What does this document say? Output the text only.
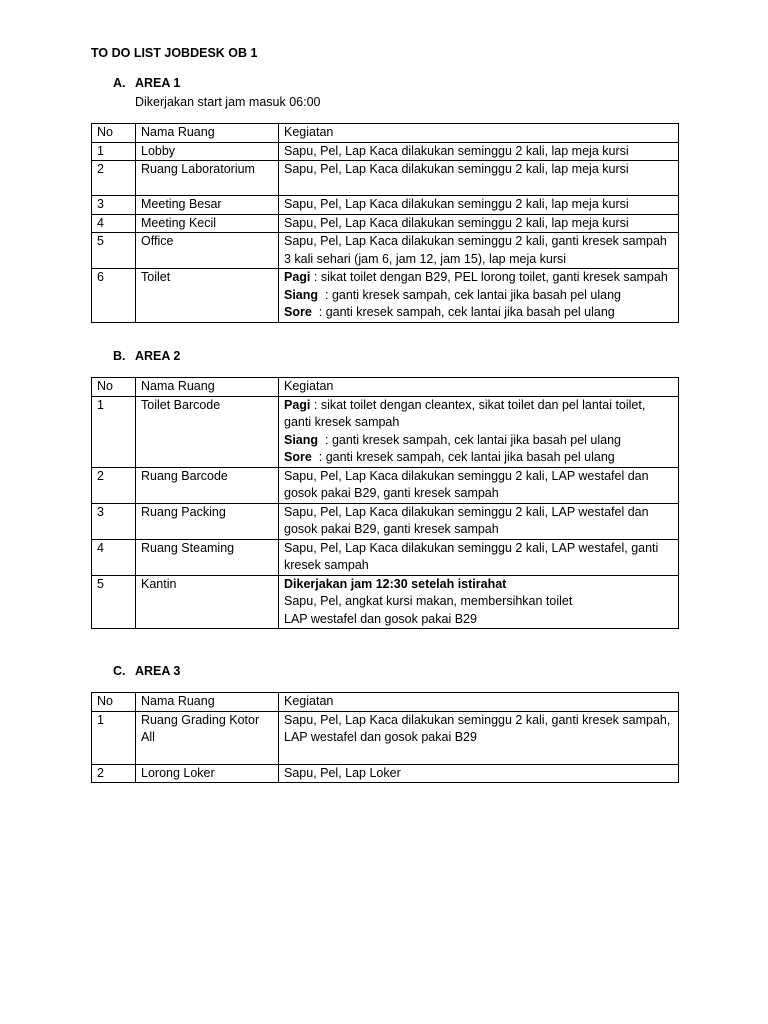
TO DO LIST JOBDESK OB 1
A. AREA 1
Dikerjakan start jam masuk 06:00
No	Nama Ruang	Kegiatan
1	Lobby	Sapu, Pel, Lap Kaca dilakukan seminggu 2 kali, lap meja kursi
2	Ruang Laboratorium	Sapu, Pel, Lap Kaca dilakukan seminggu 2 kali, lap meja kursi
3	Meeting Besar	Sapu, Pel, Lap Kaca dilakukan seminggu 2 kali, lap meja kursi
4	Meeting Kecil	Sapu, Pel, Lap Kaca dilakukan seminggu 2 kali, lap meja kursi
5	Office	Sapu, Pel, Lap Kaca dilakukan seminggu 2 kali, ganti kresek sampah 3 kali sehari (jam 6, jam 12, jam 15), lap meja kursi
6	Toilet	Pagi : sikat toilet dengan B29, PEL lorong toilet, ganti kresek sampah
Siang  : ganti kresek sampah, cek lantai jika basah pel ulang
Sore  : ganti kresek sampah, cek lantai jika basah pel ulang
B. AREA 2
No	Nama Ruang	Kegiatan
1	Toilet Barcode	Pagi : sikat toilet dengan cleantex, sikat toilet dan pel lantai toilet, ganti kresek sampah
Siang  : ganti kresek sampah, cek lantai jika basah pel ulang
Sore  : ganti kresek sampah, cek lantai jika basah pel ulang

2	Ruang Barcode	Sapu, Pel, Lap Kaca dilakukan seminggu 2 kali, LAP westafel dan gosok pakai B29, ganti kresek sampah
3	Ruang Packing	Sapu, Pel, Lap Kaca dilakukan seminggu 2 kali, LAP westafel dan gosok pakai B29, ganti kresek sampah
4	Ruang Steaming	Sapu, Pel, Lap Kaca dilakukan seminggu 2 kali, LAP westafel, ganti kresek sampah
5	Kantin	Dikerjakan jam 12:30 setelah istirahat
Sapu, Pel, angkat kursi makan, membersihkan toilet
LAP westafel dan gosok pakai B29
C. AREA 3
No	Nama Ruang	Kegiatan
1	Ruang Grading Kotor All	Sapu, Pel, Lap Kaca dilakukan seminggu 2 kali, ganti kresek sampah, LAP westafel dan gosok pakai B29
2	Lorong Loker	Sapu, Pel, Lap Loker
